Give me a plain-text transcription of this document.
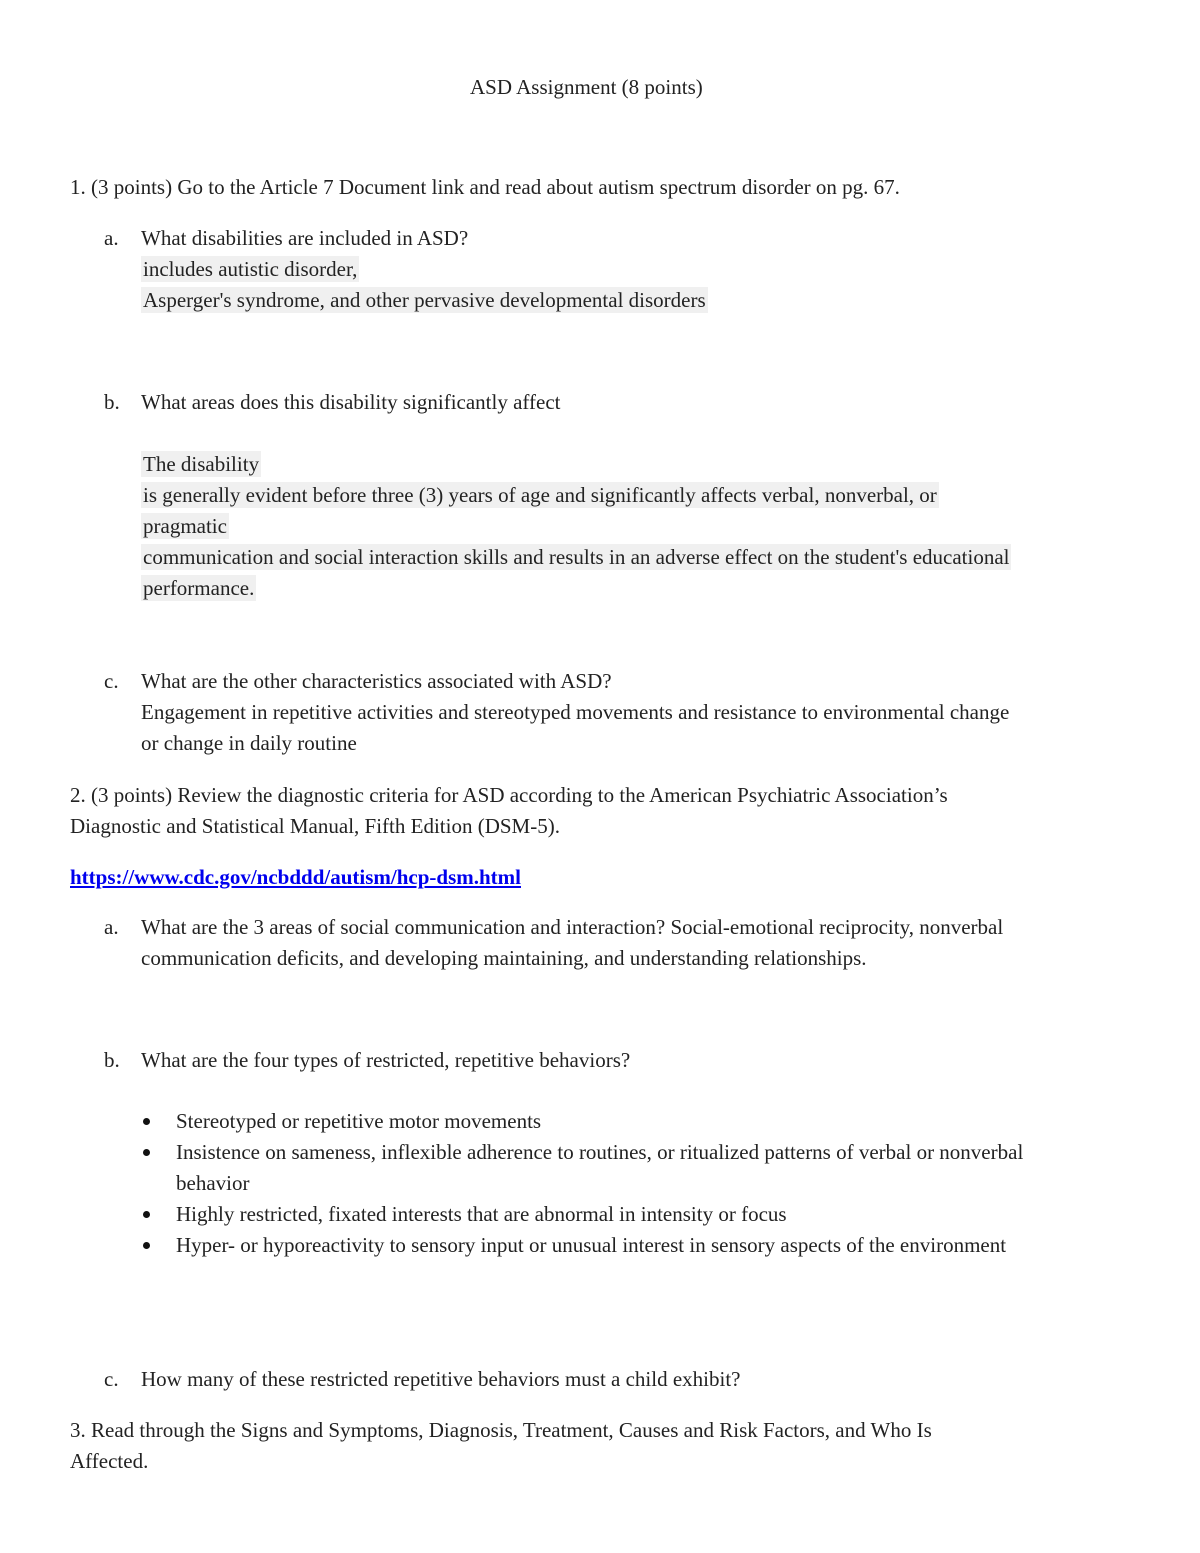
ASD Assignment (8 points)
1. (3 points) Go to the Article 7 Document link and read about autism spectrum disorder on pg. 67.
a. What disabilities are included in ASD?
includes autistic disorder,
Asperger's syndrome, and other pervasive developmental disorders
b. What areas does this disability significantly affect
The disability
is generally evident before three (3) years of age and significantly affects verbal, nonverbal, or
pragmatic
communication and social interaction skills and results in an adverse effect on the student's educational
performance.
c. What are the other characteristics associated with ASD?
Engagement in repetitive activities and stereotyped movements and resistance to environmental change
or change in daily routine
2. (3 points) Review the diagnostic criteria for ASD according to the American Psychiatric Association’s
Diagnostic and Statistical Manual, Fifth Edition (DSM-5).
https://www.cdc.gov/ncbddd/autism/hcp-dsm.html
a. What are the 3 areas of social communication and interaction? Social-emotional reciprocity, nonverbal
communication deficits, and developing maintaining, and understanding relationships.
b. What are the four types of restricted, repetitive behaviors?
Stereotyped or repetitive motor movements
Insistence on sameness, inflexible adherence to routines, or ritualized patterns of verbal or nonverbal
behavior
Highly restricted, fixated interests that are abnormal in intensity or focus
Hyper- or hyporeactivity to sensory input or unusual interest in sensory aspects of the environment
c. How many of these restricted repetitive behaviors must a child exhibit?
3. Read through the Signs and Symptoms, Diagnosis, Treatment, Causes and Risk Factors, and Who Is
Affected.
